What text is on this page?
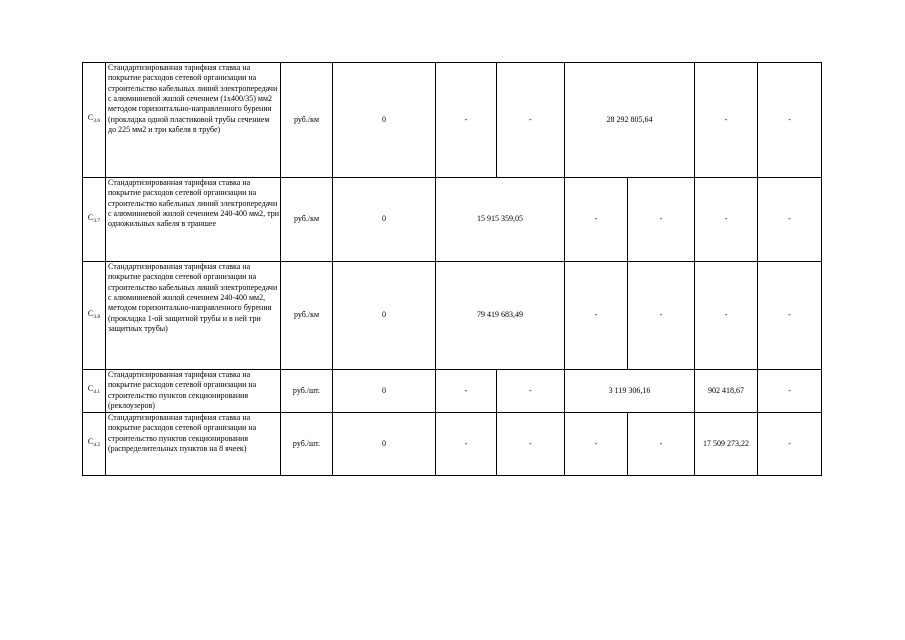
$C_{3.6}$	Стандартизированная тарифная ставка на покрытие расходов сетевой организации на строительство кабельных линий электропередачи с алюминиевой жилой сечением (1х400/35) мм2 методом горизонтально-направленного бурения (прокладка одной пластиковой трубы сечением до 225 мм2 и три кабеля в трубе)	руб./км	0	-	-	28 292 805,64		-	-
$C_{3.7}$	Стандартизированная тарифная ставка на покрытие расходов сетевой организации на строительство кабельных линий электропередачи с алюминиевой жилой сечением 240-400 мм2, три одножильных кабеля в траншее	руб./км	0	15 915 359,05		-	-	-	-
$C_{3.8}$	Стандартизированная тарифная ставка на покрытие расходов сетевой организации на строительство кабельных линий электропередачи с алюминиевой жилой сечением 240-400 мм2, методом горизонтально-направленного бурения (прокладка 1-ой защитной трубы и в ней три защитных трубы)	руб./км	0	79 419 683,49		-	-	-	-
$C_{4.1}$	Стандартизированная тарифная ставка на покрытие расходов сетевой организации на строительство пунктов секционирования (реклоузеров)	руб./шт.	0	-	-	3 119 306,16		902 418,67	-
$C_{4.2}$	Стандартизированная тарифная ставка на покрытие расходов сетевой организации на строительство пунктов секционирования (распределительных пунктов на 8 ячеек)	руб./шт.	0	-	-	-	-	17 509 273,22	-
